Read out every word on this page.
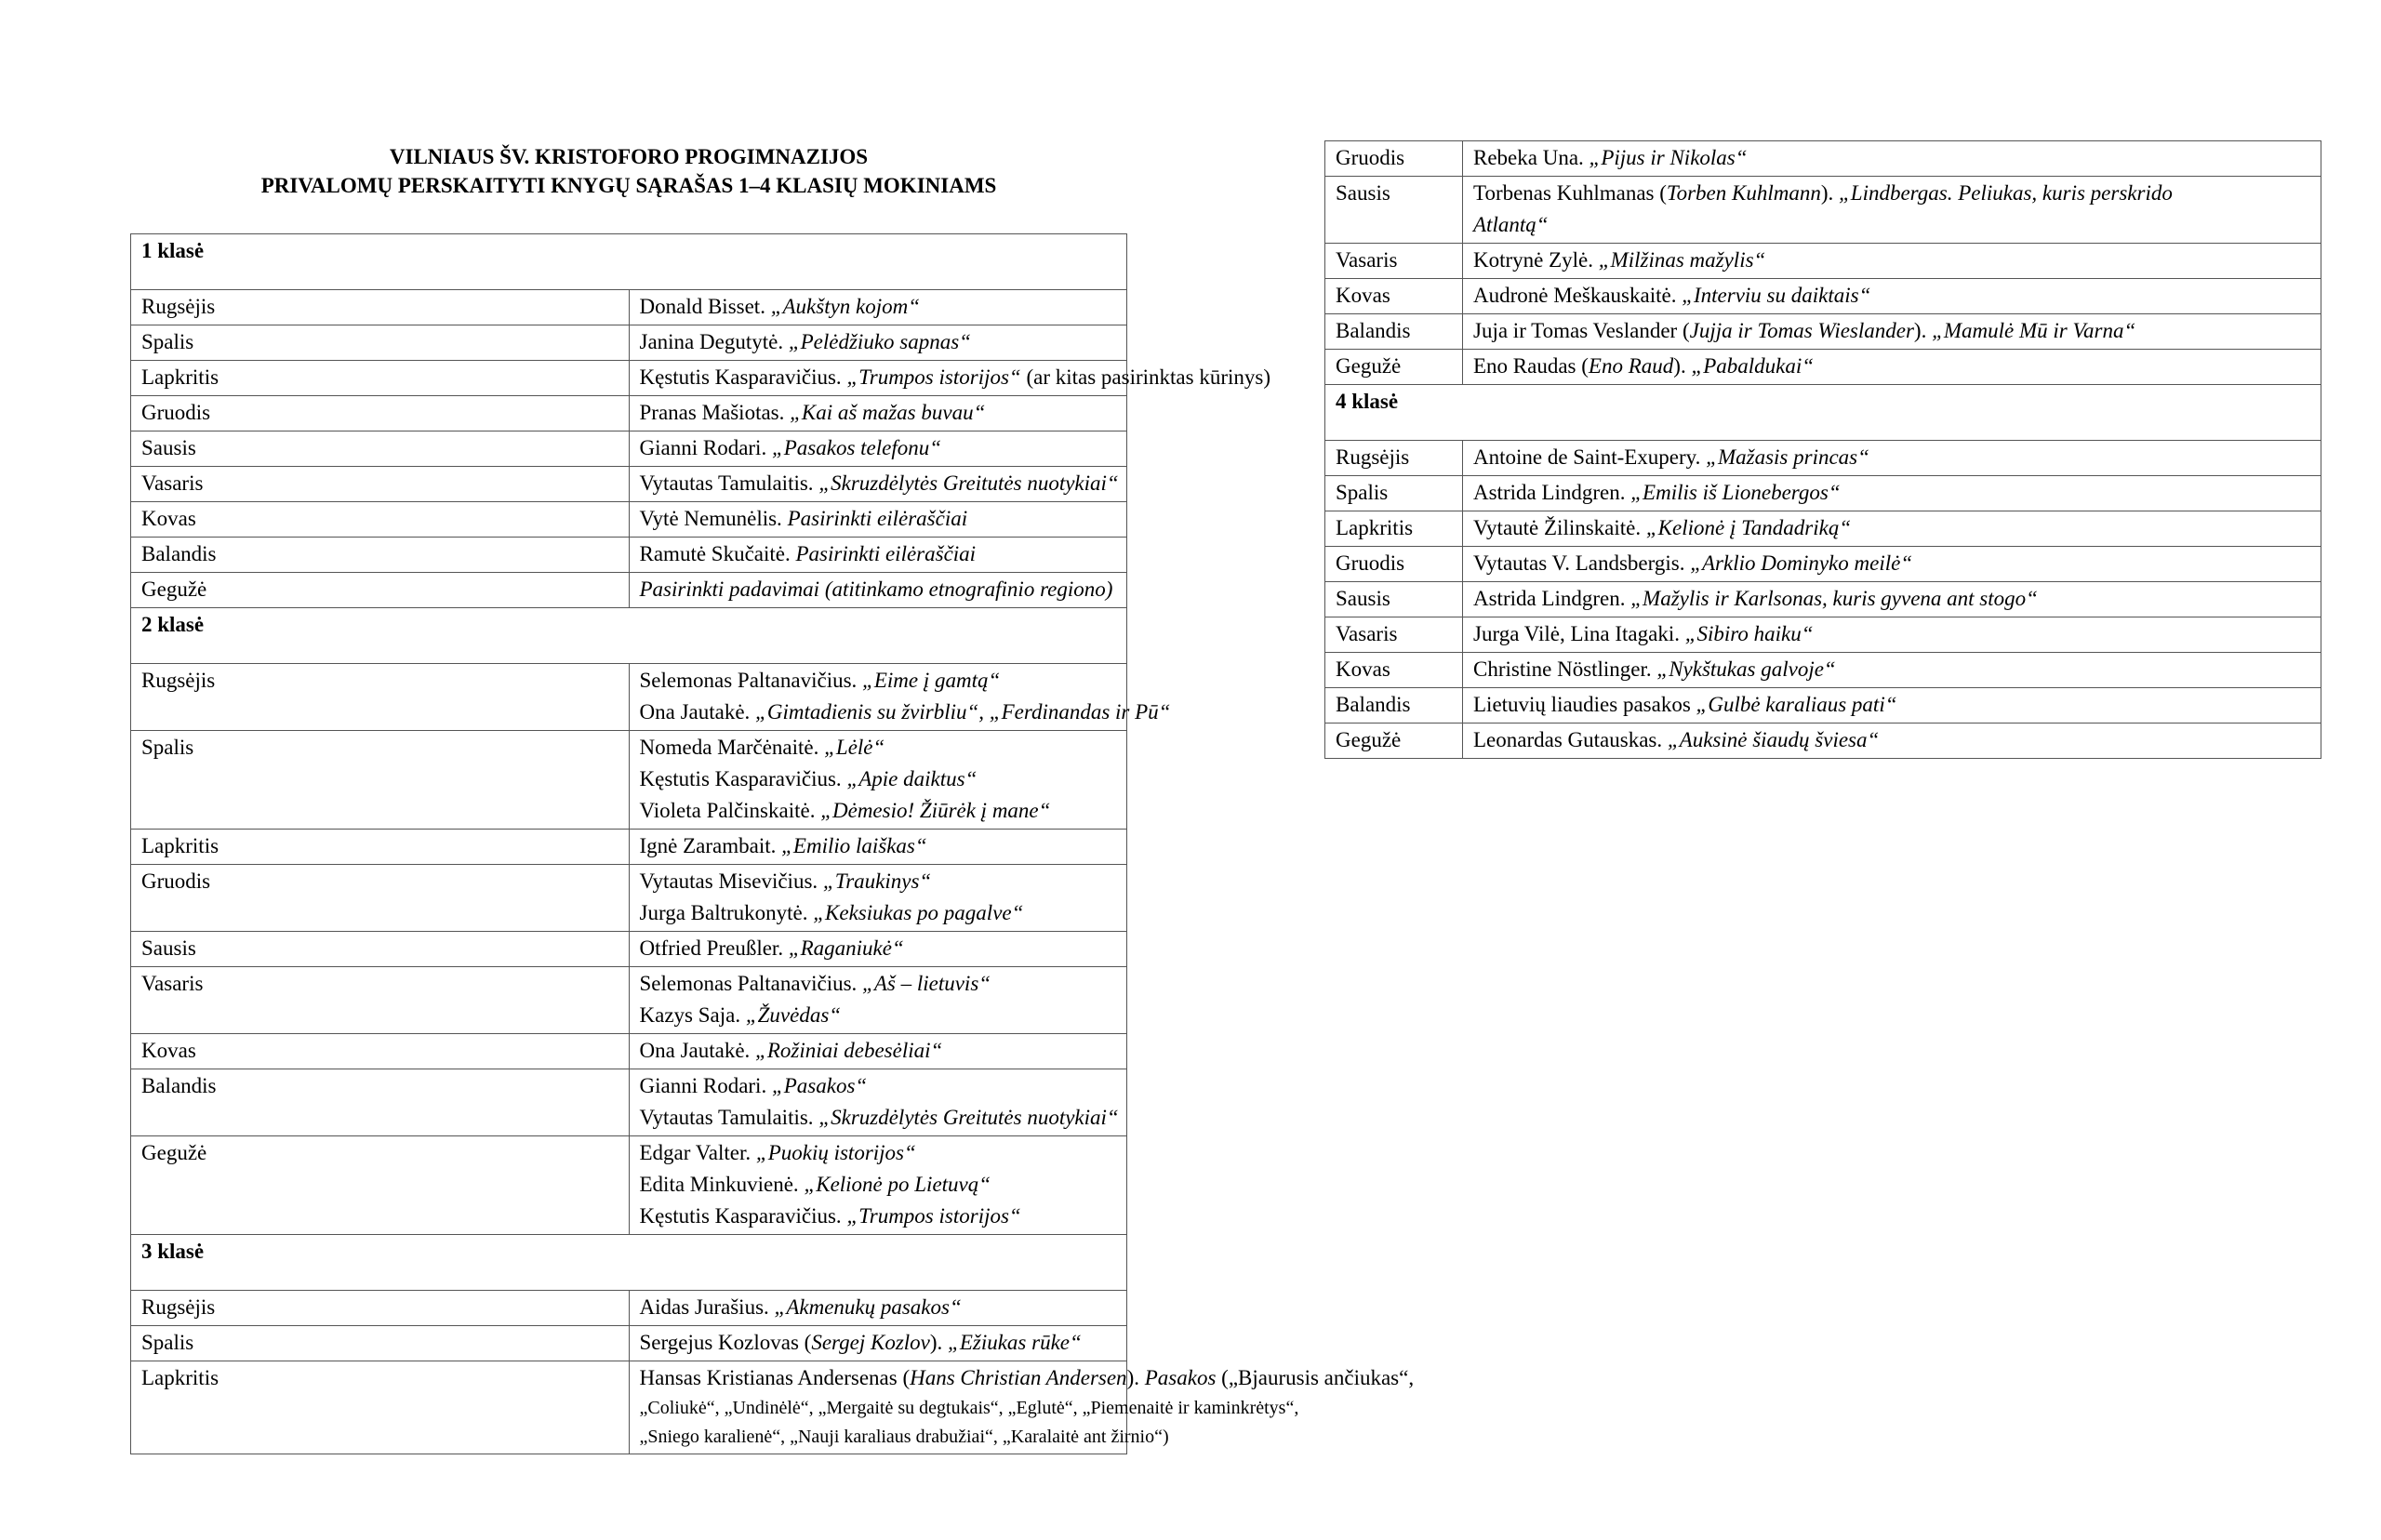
VILNIAUS ŠV. KRISTOFORO PROGIMNAZIJOS
PRIVALOMŲ PERSKAITYTI KNYGŲ SĄRAŠAS 1–4 KLASIŲ MOKINIAMS
1 klasė	
Rugsėjis	Donald Bisset. „Aukštyn kojom“

Spalis	Janina Degutytė. „Pelėdžiuko sapnas“

Lapkritis	Kęstutis Kasparavičius. „Trumpos istorijos“ (ar kitas pasirinktas kūrinys)

Gruodis	Pranas Mašiotas. „Kai aš mažas buvau“

Sausis	Gianni Rodari. „Pasakos telefonu“

Vasaris	Vytautas Tamulaitis. „Skruzdėlytės Greitutės nuotykiai“

Kovas	Vytė Nemunėlis. Pasirinkti eilėraščiai

Balandis	Ramutė Skučaitė. Pasirinkti eilėraščiai

Gegužė	Pasirinkti padavimai (atitinkamo etnografinio regiono)

2 klasė	
Rugsėjis	Selemonas Paltanavičius. „Eime į gamtą“
Ona Jautakė. „Gimtadienis su žvirbliu“, „Ferdinandas ir Pū“

Spalis	Nomeda Marčėnaitė. „Lėlė“
Kęstutis Kasparavičius. „Apie daiktus“
Violeta Palčinskaitė. „Dėmesio! Žiūrėk į mane“

Lapkritis	Ignė Zarambait. „Emilio laiškas“

Gruodis	Vytautas Misevičius. „Traukinys“
Jurga Baltrukonytė. „Keksiukas po pagalve“

Sausis	Otfried Preußler. „Raganiukė“

Vasaris	Selemonas Paltanavičius. „Aš – lietuvis“
Kazys Saja. „Žuvėdas“

Kovas	Ona Jautakė. „Rožiniai debesėliai“

Balandis	Gianni Rodari. „Pasakos“
Vytautas Tamulaitis. „Skruzdėlytės Greitutės nuotykiai“

Gegužė	Edgar Valter. „Puokių istorijos“
Edita Minkuvienė. „Kelionė po Lietuvą“
Kęstutis Kasparavičius. „Trumpos istorijos“

3 klasė	
Rugsėjis	Aidas Jurašius. „Akmenukų pasakos“

Spalis	Sergejus Kozlovas (Sergej Kozlov). „Ežiukas rūke“

Lapkritis	Hansas Kristianas Andersenas (Hans Christian Andersen). Pasakos („Bjaurusis ančiukas“,
„Coliukė“, „Undinėlė“, „Mergaitė su degtukais“, „Eglutė“, „Piemenaitė ir kaminkrėtys“,
„Sniego karalienė“, „Nauji karaliaus drabužiai“, „Karalaitė ant žirnio“)
Gruodis	Rebeka Una. „Pijus ir Nikolas“

Sausis	Torbenas Kuhlmanas (Torben Kuhlmann). „Lindbergas. Peliukas, kuris perskrido
Atlantą“

Vasaris	Kotrynė Zylė. „Milžinas mažylis“

Kovas	Audronė Meškauskaitė. „Interviu su daiktais“

Balandis	Juja ir Tomas Veslander (Jujja ir Tomas Wieslander). „Mamulė Mū ir Varna“

Gegužė	Eno Raudas (Eno Raud). „Pabaldukai“

4 klasė	
Rugsėjis	Antoine de Saint-Exupery. „Mažasis princas“

Spalis	Astrida Lindgren. „Emilis iš Lionebergos“

Lapkritis	Vytautė Žilinskaitė. „Kelionė į Tandadriką“

Gruodis	Vytautas V. Landsbergis. „Arklio Dominyko meilė“

Sausis	Astrida Lindgren. „Mažylis ir Karlsonas, kuris gyvena ant stogo“

Vasaris	Jurga Vilė, Lina Itagaki. „Sibiro haiku“

Kovas	Christine Nöstlinger. „Nykštukas galvoje“

Balandis	Lietuvių liaudies pasakos „Gulbė karaliaus pati“

Gegužė	Leonardas Gutauskas. „Auksinė šiaudų šviesa“
